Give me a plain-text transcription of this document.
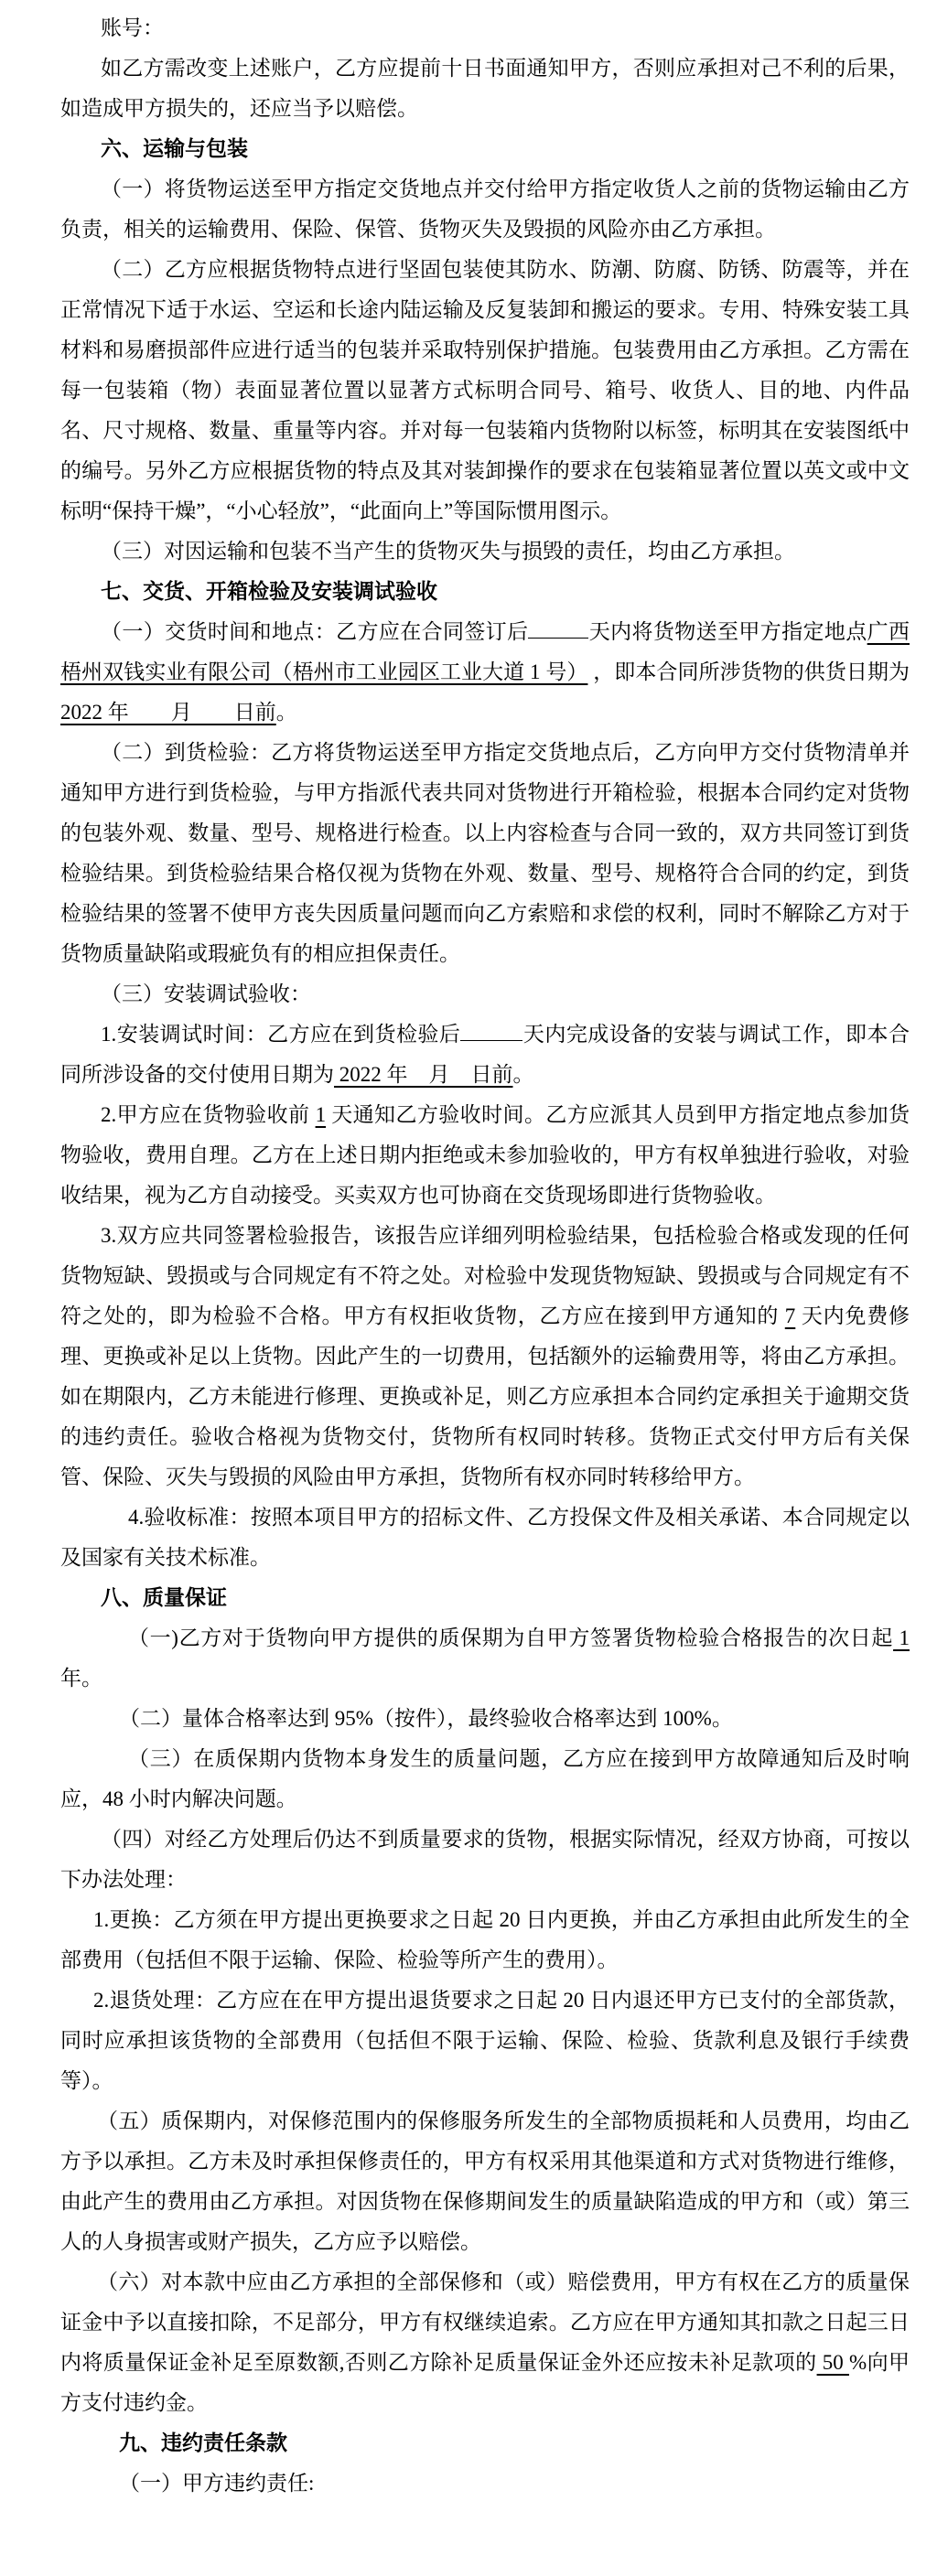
账号：

如乙方需改变上述账户，乙方应提前十日书面通知甲方，否则应承担对己不利的后果，如造成甲方损失的，还应当予以赔偿。

六、运输与包装

（一）将货物运送至甲方指定交货地点并交付给甲方指定收货人之前的货物运输由乙方负责，相关的运输费用、保险、保管、货物灭失及毁损的风险亦由乙方承担。

（二）乙方应根据货物特点进行坚固包装使其防水、防潮、防腐、防锈、防震等，并在正常情况下适于水运、空运和长途内陆运输及反复装卸和搬运的要求。专用、特殊安装工具材料和易磨损部件应进行适当的包装并采取特别保护措施。包装费用由乙方承担。乙方需在每一包装箱（物）表面显著位置以显著方式标明合同号、箱号、收货人、目的地、内件品名、尺寸规格、数量、重量等内容。并对每一包装箱内货物附以标签，标明其在安装图纸中的编号。另外乙方应根据货物的特点及其对装卸操作的要求在包装箱显著位置以英文或中文标明“保持干燥”，“小心轻放”，“此面向上”等国际惯用图示。

（三）对因运输和包装不当产生的货物灭失与损毁的责任，均由乙方承担。

七、交货、开箱检验及安装调试验收

（一）交货时间和地点：乙方应在合同签订后	天内将货物送至甲方指定地点广西梧州双钱实业有限公司（梧州市工业园区工业大道 1 号） ，即本合同所涉货物的供货日期为2022 年　　月　　日前。

（二）到货检验：乙方将货物运送至甲方指定交货地点后，乙方向甲方交付货物清单并通知甲方进行到货检验，与甲方指派代表共同对货物进行开箱检验，根据本合同约定对货物的包装外观、数量、型号、规格进行检查。以上内容检查与合同一致的，双方共同签订到货检验结果。到货检验结果合格仅视为货物在外观、数量、型号、规格符合合同的约定，到货检验结果的签署不使甲方丧失因质量问题而向乙方索赔和求偿的权利，同时不解除乙方对于货物质量缺陷或瑕疵负有的相应担保责任。

（三）安装调试验收：

1.安装调试时间：乙方应在到货检验后	天内完成设备的安装与调试工作，即本合同所涉设备的交付使用日期为 2022 年　月　日前。

2.甲方应在货物验收前 1 天通知乙方验收时间。乙方应派其人员到甲方指定地点参加货物验收，费用自理。乙方在上述日期内拒绝或未参加验收的，甲方有权单独进行验收，对验收结果，视为乙方自动接受。买卖双方也可协商在交货现场即进行货物验收。

3.双方应共同签署检验报告，该报告应详细列明检验结果，包括检验合格或发现的任何货物短缺、毁损或与合同规定有不符之处。对检验中发现货物短缺、毁损或与合同规定有不符之处的，即为检验不合格。甲方有权拒收货物，乙方应在接到甲方通知的 7 天内免费修理、更换或补足以上货物。因此产生的一切费用，包括额外的运输费用等，将由乙方承担。如在期限内，乙方未能进行修理、更换或补足，则乙方应承担本合同约定承担关于逾期交货的违约责任。验收合格视为货物交付，货物所有权同时转移。货物正式交付甲方后有关保管、保险、灭失与毁损的风险由甲方承担，货物所有权亦同时转移给甲方。

4.验收标准：按照本项目甲方的招标文件、乙方投保文件及相关承诺、本合同规定以及国家有关技术标准。

八、质量保证

（一)乙方对于货物向甲方提供的质保期为自甲方签署货物检验合格报告的次日起 1年。

（二）量体合格率达到 95%（按件），最终验收合格率达到 100%。

（三）在质保期内货物本身发生的质量问题，乙方应在接到甲方故障通知后及时响应，48 小时内解决问题。

（四）对经乙方处理后仍达不到质量要求的货物，根据实际情况，经双方协商，可按以下办法处理：

1.更换：乙方须在甲方提出更换要求之日起 20 日内更换，并由乙方承担由此所发生的全部费用（包括但不限于运输、保险、检验等所产生的费用）。

2.退货处理：乙方应在在甲方提出退货要求之日起 20 日内退还甲方已支付的全部货款，同时应承担该货物的全部费用（包括但不限于运输、保险、检验、货款利息及银行手续费等）。

（五）质保期内，对保修范围内的保修服务所发生的全部物质损耗和人员费用，均由乙方予以承担。乙方未及时承担保修责任的，甲方有权采用其他渠道和方式对货物进行维修，由此产生的费用由乙方承担。对因货物在保修期间发生的质量缺陷造成的甲方和（或）第三人的人身损害或财产损失，乙方应予以赔偿。

（六）对本款中应由乙方承担的全部保修和（或）赔偿费用，甲方有权在乙方的质量保证金中予以直接扣除，不足部分，甲方有权继续追索。乙方应在甲方通知其扣款之日起三日内将质量保证金补足至原数额,否则乙方除补足质量保证金外还应按未补足款项的 50 %向甲方支付违约金。

九、违约责任条款

（一）甲方违约责任:
